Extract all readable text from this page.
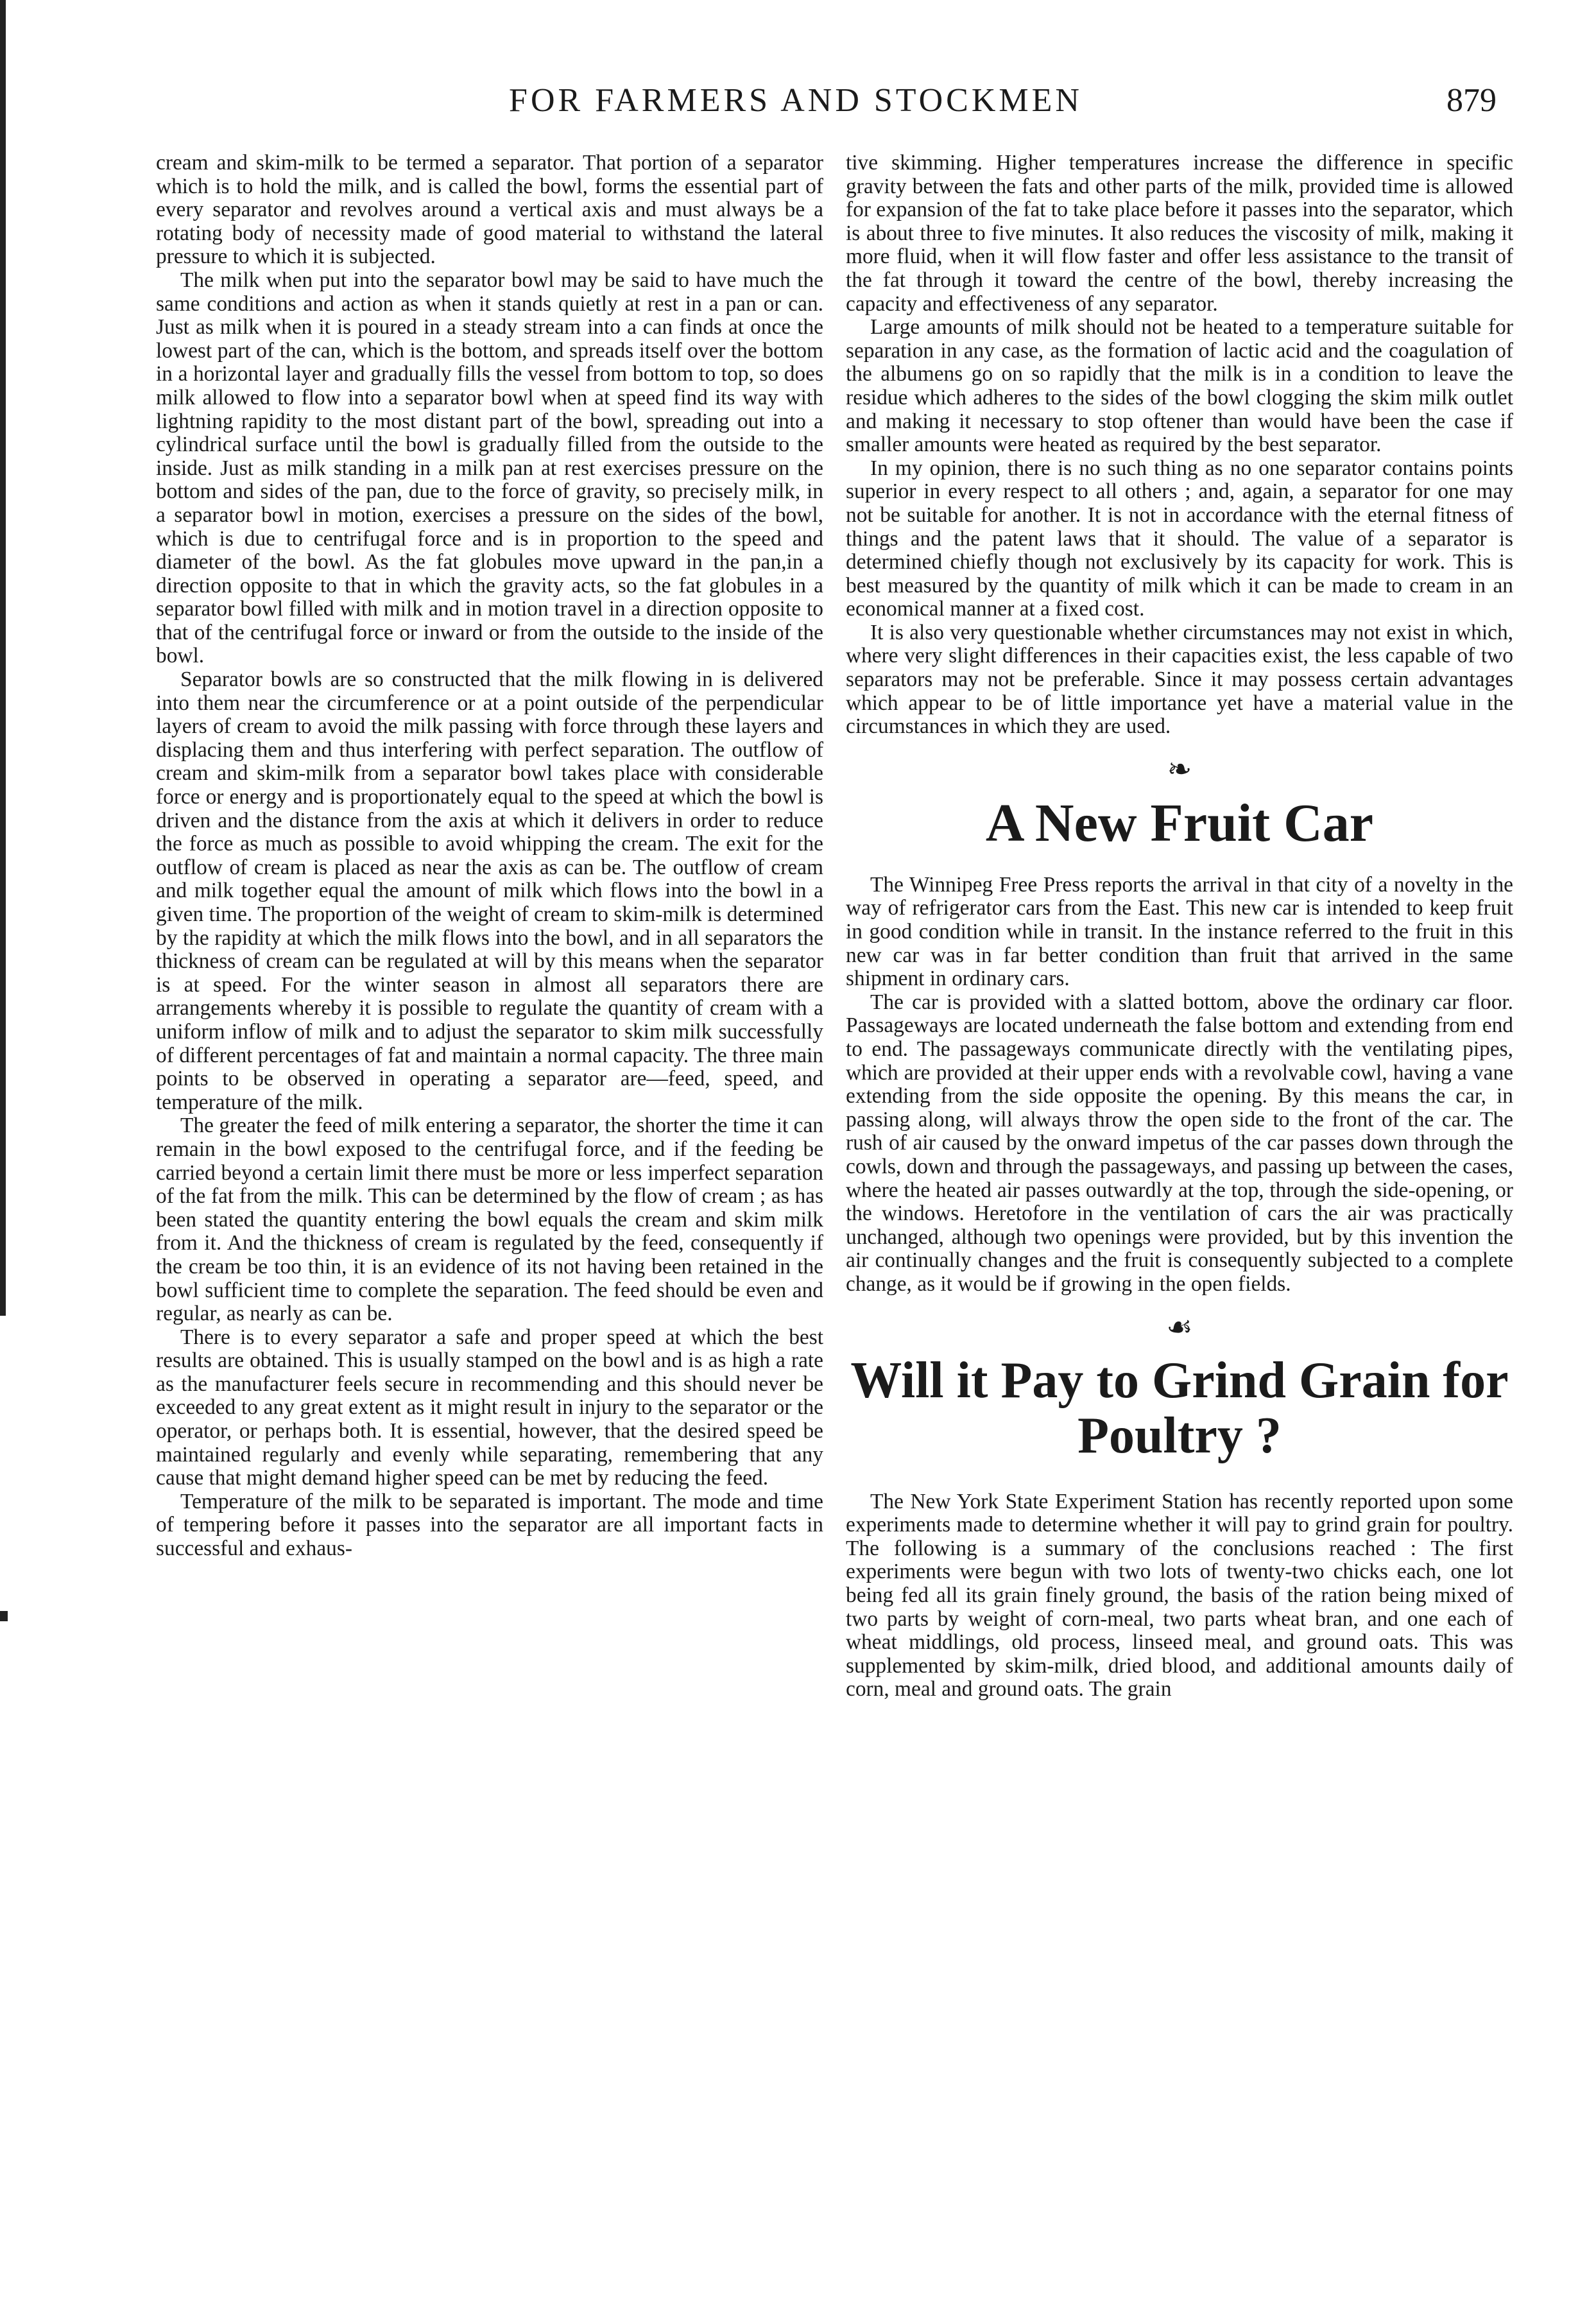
FOR FARMERS AND STOCKMEN	879

cream and skim-milk to be termed a separator. That portion of a separator which is to hold the milk, and is called the bowl, forms the essential part of every separator and revolves around a vertical axis and must always be a rotating body of necessity made of good material to withstand the lateral pressure to which it is subjected.

The milk when put into the separator bowl may be said to have much the same conditions and action as when it stands quietly at rest in a pan or can. Just as milk when it is poured in a steady stream into a can finds at once the lowest part of the can, which is the bottom, and spreads itself over the bottom in a horizontal layer and gradually fills the vessel from bottom to top, so does milk allowed to flow into a separator bowl when at speed find its way with lightning rapidity to the most distant part of the bowl, spreading out into a cylindrical surface until the bowl is gradually filled from the outside to the inside. Just as milk standing in a milk pan at rest exercises pressure on the bottom and sides of the pan, due to the force of gravity, so precisely milk, in a separator bowl in motion, exercises a pressure on the sides of the bowl, which is due to centrifugal force and is in proportion to the speed and diameter of the bowl. As the fat globules move upward in the pan,in a direction opposite to that in which the gravity acts, so the fat globules in a separator bowl filled with milk and in motion travel in a direction opposite to that of the centrifugal force or inward or from the outside to the inside of the bowl.

Separator bowls are so constructed that the milk flowing in is delivered into them near the circumference or at a point outside of the perpendicular layers of cream to avoid the milk passing with force through these layers and displacing them and thus interfering with perfect separation. The outflow of cream and skim-milk from a separator bowl takes place with considerable force or energy and is proportionately equal to the speed at which the bowl is driven and the distance from the axis at which it delivers in order to reduce the force as much as possible to avoid whipping the cream. The exit for the outflow of cream is placed as near the axis as can be. The outflow of cream and milk together equal the amount of milk which flows into the bowl in a given time. The proportion of the weight of cream to skim-milk is determined by the rapidity at which the milk flows into the bowl, and in all separators the thickness of cream can be regulated at will by this means when the separator is at speed. For the winter season in almost all separators there are arrangements whereby it is possible to regulate the quantity of cream with a uniform inflow of milk and to adjust the separator to skim milk successfully of different percentages of fat and maintain a normal capacity. The three main points to be observed in operating a separator are—feed, speed, and temperature of the milk.

The greater the feed of milk entering a separator, the shorter the time it can remain in the bowl exposed to the centrifugal force, and if the feeding be carried beyond a certain limit there must be more or less imperfect separation of the fat from the milk. This can be determined by the flow of cream ; as has been stated the quantity entering the bowl equals the cream and skim milk from it. And the thickness of cream is regulated by the feed, consequently if the cream be too thin, it is an evidence of its not having been retained in the bowl sufficient time to complete the separation. The feed should be even and regular, as nearly as can be.

There is to every separator a safe and proper speed at which the best results are obtained. This is usually stamped on the bowl and is as high a rate as the manufacturer feels secure in recommending and this should never be exceeded to any great extent as it might result in injury to the separator or the operator, or perhaps both. It is essential, however, that the desired speed be maintained regularly and evenly while separating, remembering that any cause that might demand higher speed can be met by reducing the feed.

Temperature of the milk to be separated is important. The mode and time of tempering before it passes into the separator are all important facts in successful and exhaus-

tive skimming. Higher temperatures increase the difference in specific gravity between the fats and other parts of the milk, provided time is allowed for expansion of the fat to take place before it passes into the separator, which is about three to five minutes. It also reduces the viscosity of milk, making it more fluid, when it will flow faster and offer less assistance to the transit of the fat through it toward the centre of the bowl, thereby increasing the capacity and effectiveness of any separator.

Large amounts of milk should not be heated to a temperature suitable for separation in any case, as the formation of lactic acid and the coagulation of the albumens go on so rapidly that the milk is in a condition to leave the residue which adheres to the sides of the bowl clogging the skim milk outlet and making it necessary to stop oftener than would have been the case if smaller amounts were heated as required by the best separator.

In my opinion, there is no such thing as no one separator contains points superior in every respect to all others ; and, again, a separator for one may not be suitable for another. It is not in accordance with the eternal fitness of things and the patent laws that it should. The value of a separator is determined chiefly though not exclusively by its capacity for work. This is best measured by the quantity of milk which it can be made to cream in an economical manner at a fixed cost.

It is also very questionable whether circumstances may not exist in which, where very slight differences in their capacities exist, the less capable of two separators may not be preferable. Since it may possess certain advantages which appear to be of little importance yet have a material value in the circumstances in which they are used.

❧
A New Fruit Car

The Winnipeg Free Press reports the arrival in that city of a novelty in the way of refrigerator cars from the East. This new car is intended to keep fruit in good condition while in transit. In the instance referred to the fruit in this new car was in far better condition than fruit that arrived in the same shipment in ordinary cars.

The car is provided with a slatted bottom, above the ordinary car floor. Passageways are located underneath the false bottom and extending from end to end. The passageways communicate directly with the ventilating pipes, which are provided at their upper ends with a revolvable cowl, having a vane extending from the side opposite the opening. By this means the car, in passing along, will always throw the open side to the front of the car. The rush of air caused by the onward impetus of the car passes down through the cowls, down and through the passageways, and passing up between the cases, where the heated air passes outwardly at the top, through the side-opening, or the windows. Heretofore in the ventilation of cars the air was practically unchanged, although two openings were provided, but by this invention the air continually changes and the fruit is consequently subjected to a complete change, as it would be if growing in the open fields.

☙
Will it Pay to Grind Grain for Poultry ?

The New York State Experiment Station has recently reported upon some experiments made to determine whether it will pay to grind grain for poultry. The following is a summary of the conclusions reached : The first experiments were begun with two lots of twenty-two chicks each, one lot being fed all its grain finely ground, the basis of the ration being mixed of two parts by weight of corn-meal, two parts wheat bran, and one each of wheat middlings, old process, linseed meal, and ground oats. This was supplemented by skim-milk, dried blood, and additional amounts daily of corn, meal and ground oats. The grain
